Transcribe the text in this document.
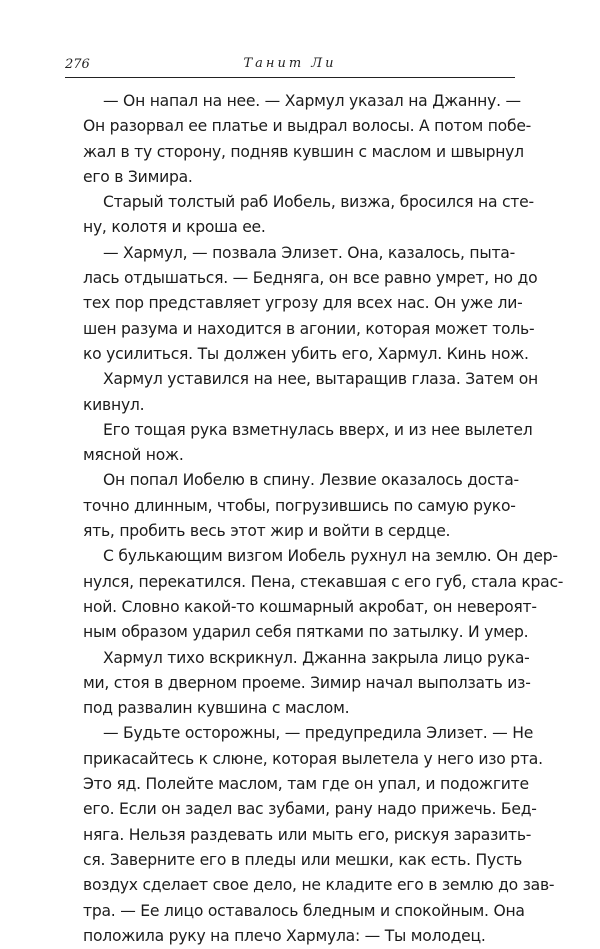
276	Танит Ли
— Он напал на нее. — Хармул указал на Джанну. —
Он разорвал ее платье и выдрал волосы. А потом побе-
жал в ту сторону, подняв кувшин с маслом и швырнул
его в Зимира.
Старый толстый раб Иобель, визжа, бросился на сте-
ну, колотя и кроша ее.
— Хармул, — позвала Элизет. Она, казалось, пыта-
лась отдышаться. — Бедняга, он все равно умрет, но до
тех пор представляет угрозу для всех нас. Он уже ли-
шен разума и находится в агонии, которая может толь-
ко усилиться. Ты должен убить его, Хармул. Кинь нож.
Хармул уставился на нее, вытаращив глаза. Затем он
кивнул.
Его тощая рука взметнулась вверх, и из нее вылетел
мясной нож.
Он попал Иобелю в спину. Лезвие оказалось доста-
точно длинным, чтобы, погрузившись по самую руко-
ять, пробить весь этот жир и войти в сердце.
С булькающим визгом Иобель рухнул на землю. Он дер-
нулся, перекатился. Пена, стекавшая с его губ, стала крас-
ной. Словно какой-то кошмарный акробат, он невероят-
ным образом ударил себя пятками по затылку. И умер.
Хармул тихо вскрикнул. Джанна закрыла лицо рука-
ми, стоя в дверном проеме. Зимир начал выползать из-
под развалин кувшина с маслом.
— Будьте осторожны, — предупредила Элизет. — Не
прикасайтесь к слюне, которая вылетела у него изо рта.
Это яд. Полейте маслом, там где он упал, и подожгите
его. Если он задел вас зубами, рану надо прижечь. Бед-
няга. Нельзя раздевать или мыть его, рискуя заразить-
ся. Заверните его в пледы или мешки, как есть. Пусть
воздух сделает свое дело, не кладите его в землю до зав-
тра. — Ее лицо оставалось бледным и спокойным. Она
положила руку на плечо Хармула: — Ты молодец.
